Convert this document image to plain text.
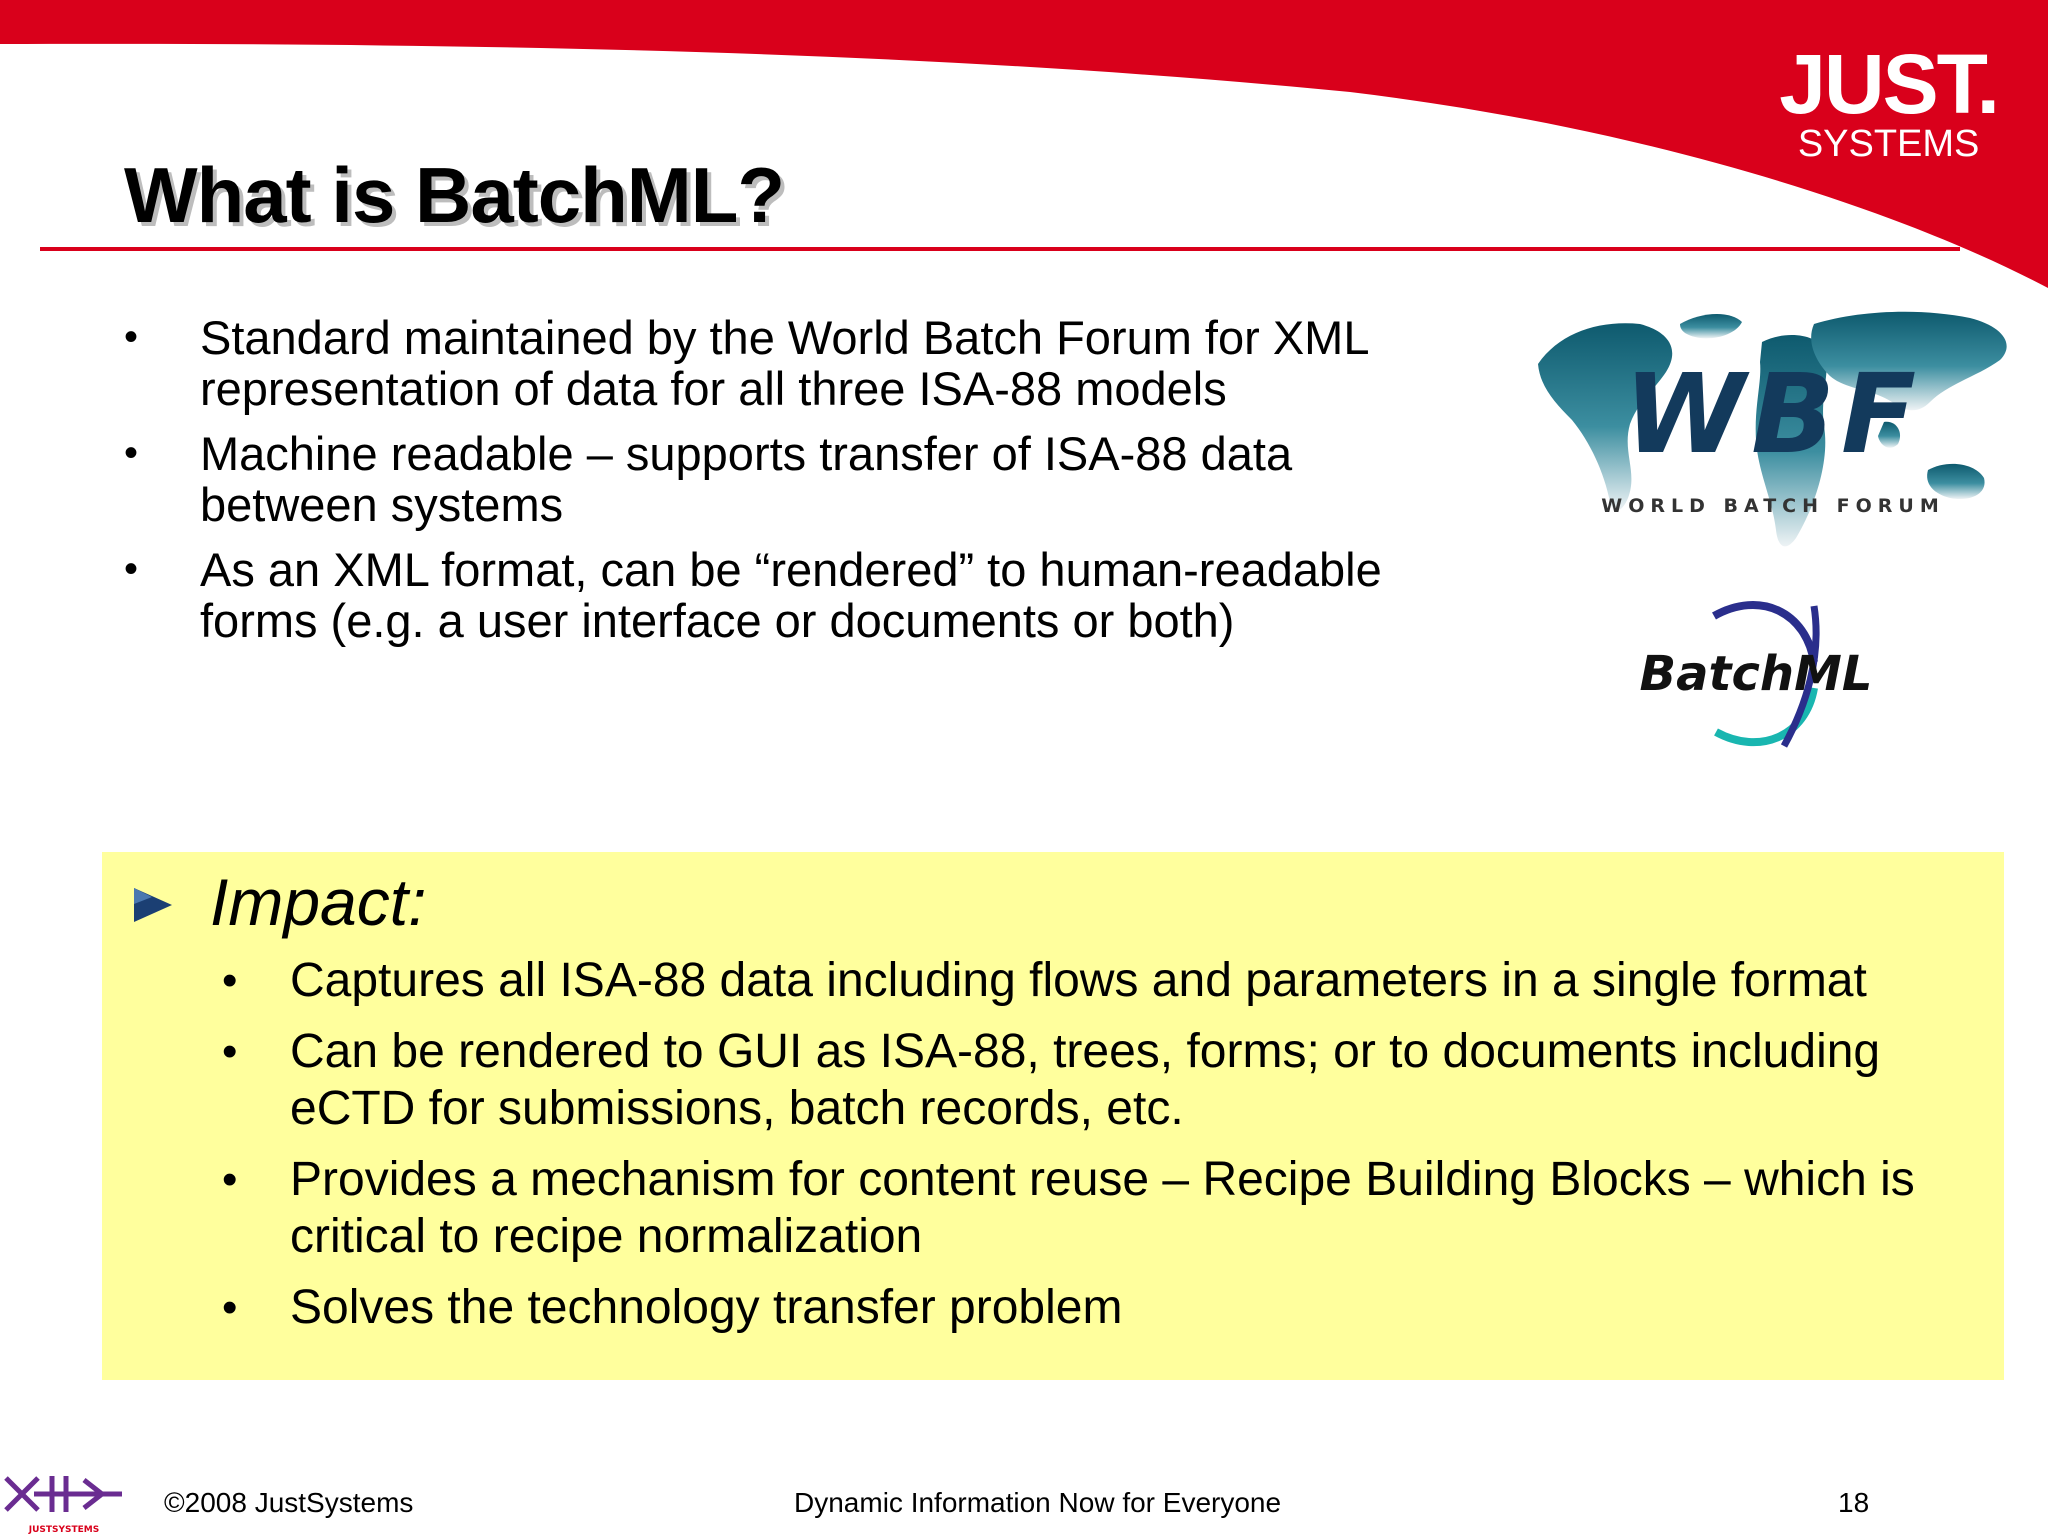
JUST.
SYSTEMS
What is BatchML?
• Standard maintained by the World Batch Forum for XML representation of data for all three ISA-88 models
• Machine readable – supports transfer of ISA-88 data between systems
• As an XML format, can be “rendered” to human-readable forms (e.g. a user interface or documents or both)
WBF
WORLD BATCH FORUM
BatchML
Impact:
• Captures all ISA-88 data including flows and parameters in a single format
• Can be rendered to GUI as ISA-88, trees, forms; or to documents including eCTD for submissions, batch records, etc.
• Provides a mechanism for content reuse – Recipe Building Blocks – which is critical to recipe normalization
• Solves the technology transfer problem
JUSTSYSTEMS
©2008 JustSystems	Dynamic Information Now for Everyone	18
